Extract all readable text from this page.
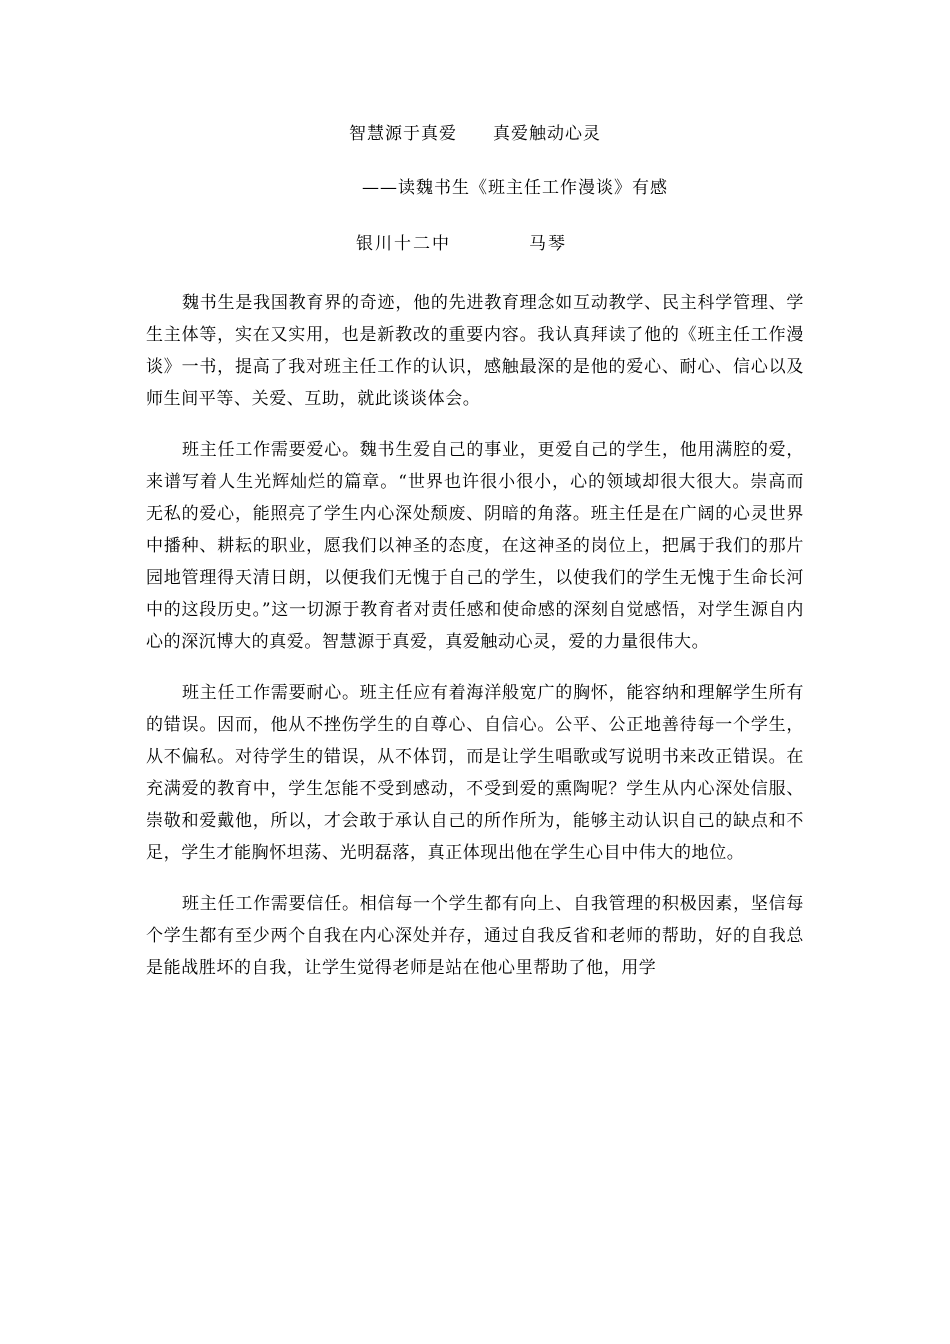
智慧源于真爱　　真爱触动心灵
——读魏书生《班主任工作漫谈》有感
银川十二中	马琴

魏书生是我国教育界的奇迹，他的先进教育理念如互动教学、民主科学管理、学生主体等，实在又实用，也是新教改的重要内容。我认真拜读了他的《班主任工作漫谈》一书，提高了我对班主任工作的认识，感触最深的是他的爱心、耐心、信心以及师生间平等、关爱、互助，就此谈谈体会。

班主任工作需要爱心。魏书生爱自己的事业，更爱自己的学生，他用满腔的爱，来谱写着人生光辉灿烂的篇章。“世界也许很小很小，心的领域却很大很大。崇高而无私的爱心，能照亮了学生内心深处颓废、阴暗的角落。班主任是在广阔的心灵世界中播种、耕耘的职业，愿我们以神圣的态度，在这神圣的岗位上，把属于我们的那片园地管理得天清日朗，以便我们无愧于自己的学生，以使我们的学生无愧于生命长河中的这段历史。”这一切源于教育者对责任感和使命感的深刻自觉感悟，对学生源自内心的深沉博大的真爱。智慧源于真爱，真爱触动心灵，爱的力量很伟大。

班主任工作需要耐心。班主任应有着海洋般宽广的胸怀，能容纳和理解学生所有的错误。因而，他从不挫伤学生的自尊心、自信心。公平、公正地善待每一个学生，从不偏私。对待学生的错误，从不体罚，而是让学生唱歌或写说明书来改正错误。在充满爱的教育中，学生怎能不受到感动，不受到爱的熏陶呢？学生从内心深处信服、崇敬和爱戴他，所以，才会敢于承认自己的所作所为，能够主动认识自己的缺点和不足，学生才能胸怀坦荡、光明磊落，真正体现出他在学生心目中伟大的地位。

班主任工作需要信任。相信每一个学生都有向上、自我管理的积极因素，坚信每个学生都有至少两个自我在内心深处并存，通过自我反省和老师的帮助，好的自我总是能战胜坏的自我，让学生觉得老师是站在他心里帮助了他，用学
